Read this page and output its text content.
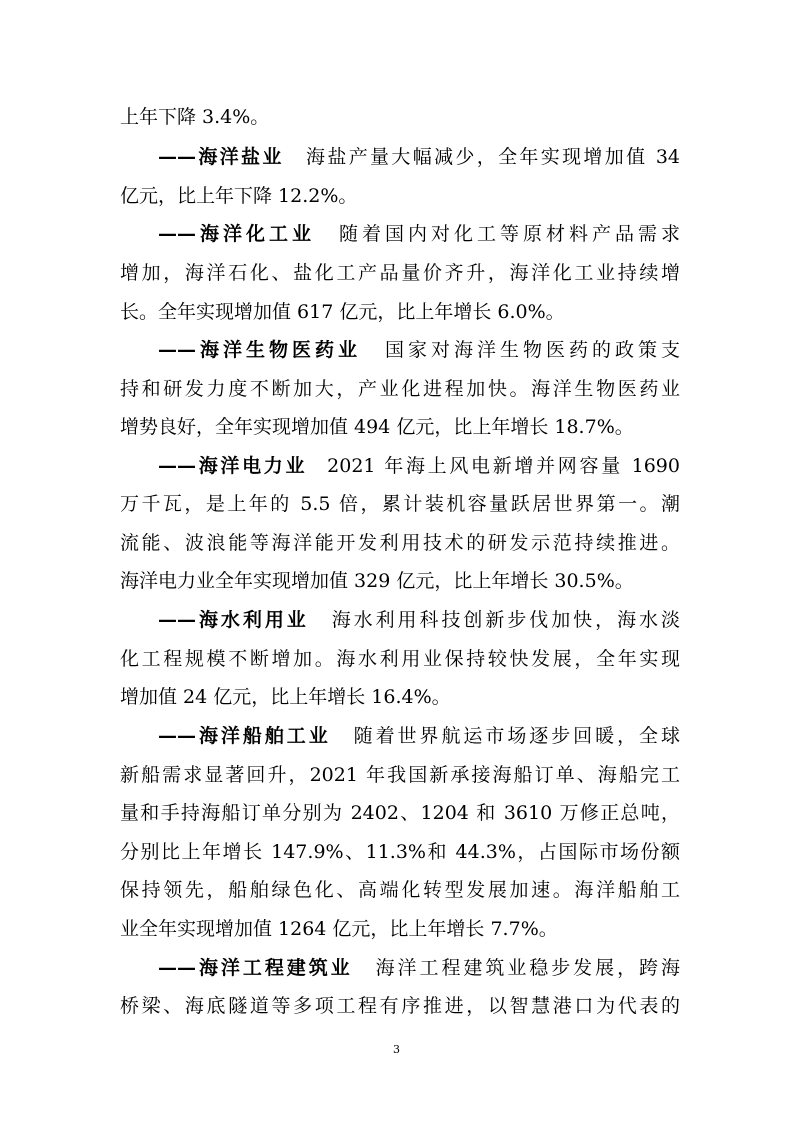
上年下降 3.4%。
——海洋盐业 海盐产量大幅减少，全年实现增加值 34
亿元，比上年下降 12.2%。
——海洋化工业 随着国内对化工等原材料产品需求
增加，海洋石化、盐化工产品量价齐升，海洋化工业持续增
长。全年实现增加值 617 亿元，比上年增长 6.0%。
——海洋生物医药业 国家对海洋生物医药的政策支
持和研发力度不断加大，产业化进程加快。海洋生物医药业
增势良好，全年实现增加值 494 亿元，比上年增长 18.7%。
——海洋电力业 2021 年海上风电新增并网容量 1690
万千瓦，是上年的 5.5 倍，累计装机容量跃居世界第一。潮
流能、波浪能等海洋能开发利用技术的研发示范持续推进。
海洋电力业全年实现增加值 329 亿元，比上年增长 30.5%。
——海水利用业 海水利用科技创新步伐加快，海水淡
化工程规模不断增加。海水利用业保持较快发展，全年实现
增加值 24 亿元，比上年增长 16.4%。
——海洋船舶工业 随着世界航运市场逐步回暖，全球
新船需求显著回升，2021 年我国新承接海船订单、海船完工
量和手持海船订单分别为 2402、1204 和 3610 万修正总吨，
分别比上年增长 147.9%、11.3%和 44.3%，占国际市场份额
保持领先，船舶绿色化、高端化转型发展加速。海洋船舶工
业全年实现增加值 1264 亿元，比上年增长 7.7%。
——海洋工程建筑业 海洋工程建筑业稳步发展，跨海
桥梁、海底隧道等多项工程有序推进，以智慧港口为代表的
3
